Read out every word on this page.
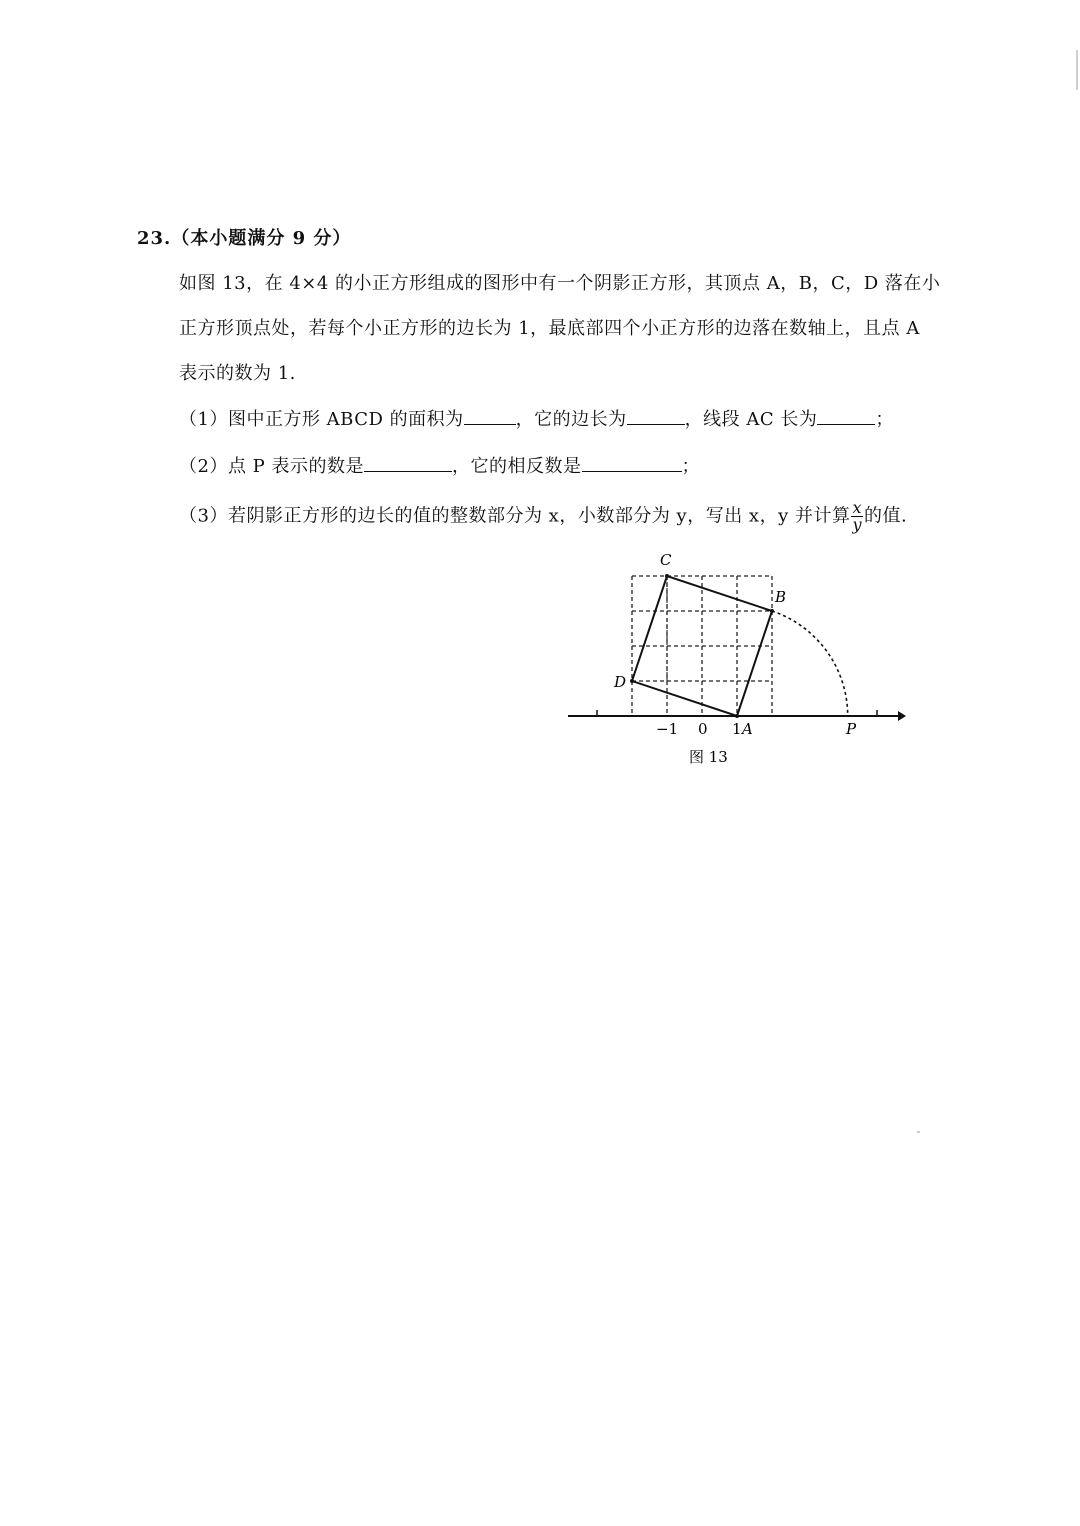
23.（本小题满分 9 分）
如图 13，在 4×4 的小正方形组成的图形中有一个阴影正方形，其顶点 A，B，C，D 落在小
正方形顶点处，若每个小正方形的边长为 1，最底部四个小正方形的边落在数轴上，且点 A
表示的数为 1.
（1）图中正方形 ABCD 的面积为	，它的边长为	，线段 AC 长为	；
（2）点 P 表示的数是	，它的相反数是	；
（3）若阴影正方形的边长的值的整数部分为 x，小数部分为 y，写出 x，y 并计算 $\frac{x}{y}$ 的值.
C
B
D
−1 0 1 A	P
图 13
